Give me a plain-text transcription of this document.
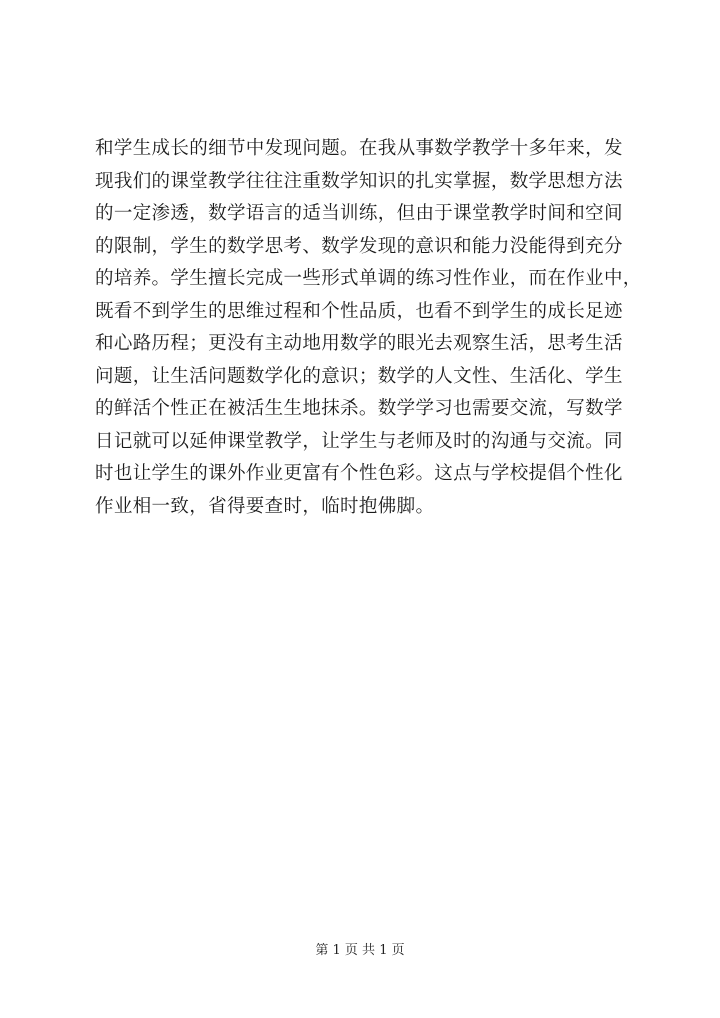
和学生成长的细节中发现问题。在我从事数学教学十多年来，发
现我们的课堂教学往往注重数学知识的扎实掌握，数学思想方法
的一定渗透，数学语言的适当训练，但由于课堂教学时间和空间
的限制，学生的数学思考、数学发现的意识和能力没能得到充分
的培养。学生擅长完成一些形式单调的练习性作业，而在作业中，
既看不到学生的思维过程和个性品质，也看不到学生的成长足迹
和心路历程；更没有主动地用数学的眼光去观察生活，思考生活
问题，让生活问题数学化的意识；数学的人文性、生活化、学生
的鲜活个性正在被活生生地抹杀。数学学习也需要交流，写数学
日记就可以延伸课堂教学，让学生与老师及时的沟通与交流。同
时也让学生的课外作业更富有个性色彩。这点与学校提倡个性化
作业相一致，省得要查时，临时抱佛脚。
第 1 页 共 1 页
